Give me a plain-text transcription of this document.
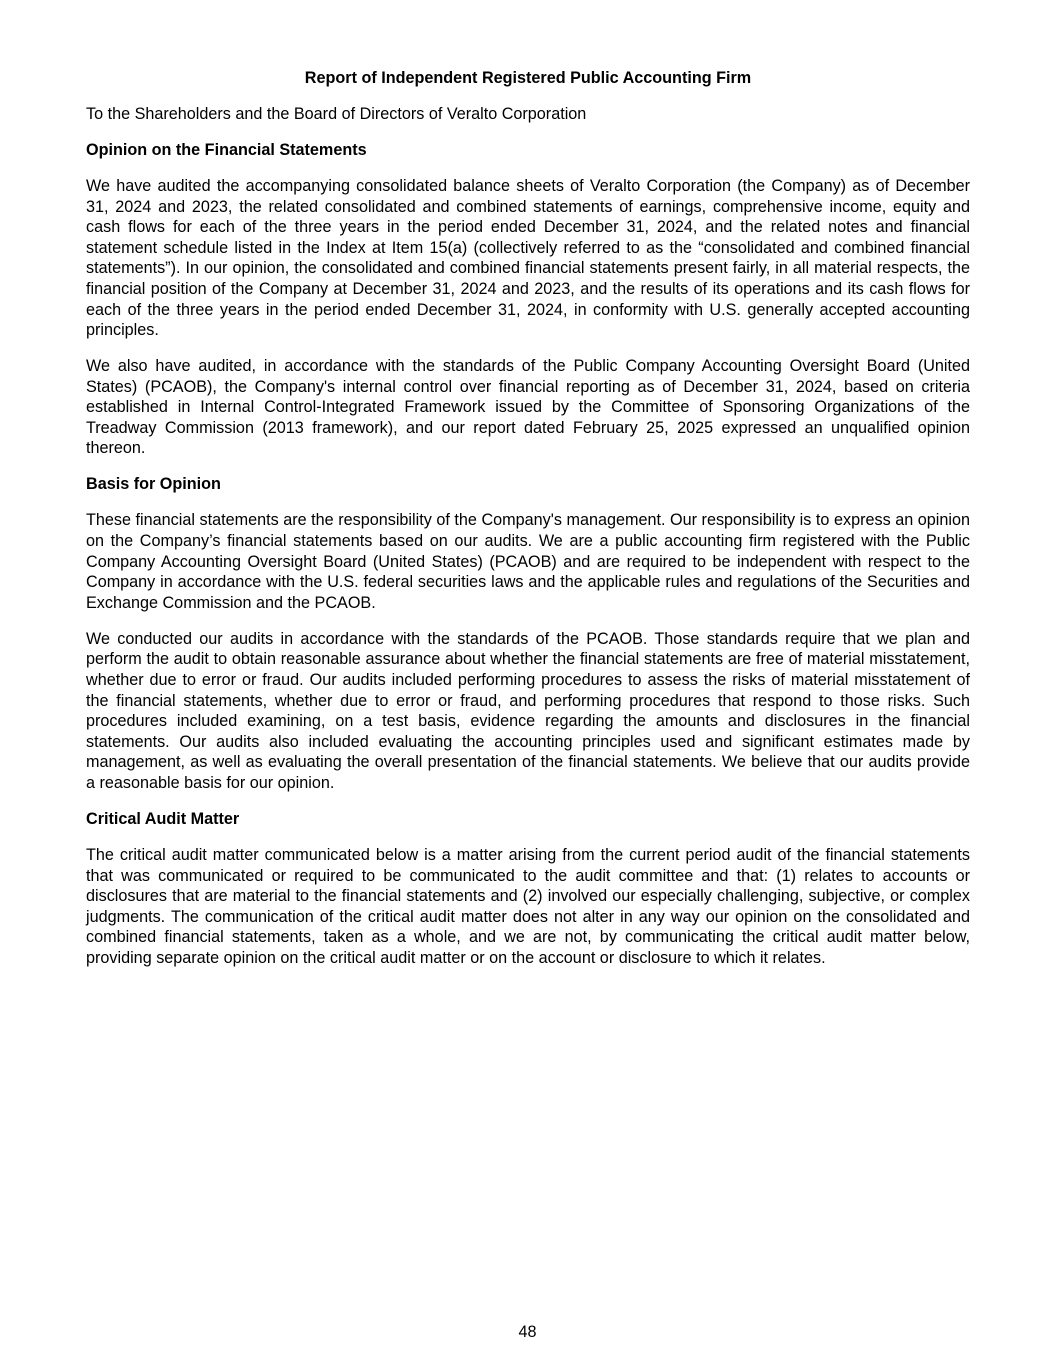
Report of Independent Registered Public Accounting Firm
To the Shareholders and the Board of Directors of Veralto Corporation
Opinion on the Financial Statements
We have audited the accompanying consolidated balance sheets of Veralto Corporation (the Company) as of December 31, 2024 and 2023, the related consolidated and combined statements of earnings, comprehensive income, equity and cash flows for each of the three years in the period ended December 31, 2024, and the related notes and financial statement schedule listed in the Index at Item 15(a) (collectively referred to as the “consolidated and combined financial statements”). In our opinion, the consolidated and combined financial statements present fairly, in all material respects, the financial position of the Company at December 31, 2024 and 2023, and the results of its operations and its cash flows for each of the three years in the period ended December 31, 2024, in conformity with U.S. generally accepted accounting principles.
We also have audited, in accordance with the standards of the Public Company Accounting Oversight Board (United States) (PCAOB), the Company's internal control over financial reporting as of December 31, 2024, based on criteria established in Internal Control-Integrated Framework issued by the Committee of Sponsoring Organizations of the Treadway Commission (2013 framework), and our report dated February 25, 2025 expressed an unqualified opinion thereon.
Basis for Opinion
These financial statements are the responsibility of the Company's management. Our responsibility is to express an opinion on the Company’s financial statements based on our audits. We are a public accounting firm registered with the Public Company Accounting Oversight Board (United States) (PCAOB) and are required to be independent with respect to the Company in accordance with the U.S. federal securities laws and the applicable rules and regulations of the Securities and Exchange Commission and the PCAOB.
We conducted our audits in accordance with the standards of the PCAOB. Those standards require that we plan and perform the audit to obtain reasonable assurance about whether the financial statements are free of material misstatement, whether due to error or fraud. Our audits included performing procedures to assess the risks of material misstatement of the financial statements, whether due to error or fraud, and performing procedures that respond to those risks. Such procedures included examining, on a test basis, evidence regarding the amounts and disclosures in the financial statements. Our audits also included evaluating the accounting principles used and significant estimates made by management, as well as evaluating the overall presentation of the financial statements. We believe that our audits provide a reasonable basis for our opinion.
Critical Audit Matter
The critical audit matter communicated below is a matter arising from the current period audit of the financial statements that was communicated or required to be communicated to the audit committee and that: (1) relates to accounts or disclosures that are material to the financial statements and (2) involved our especially challenging, subjective, or complex judgments. The communication of the critical audit matter does not alter in any way our opinion on the consolidated and combined financial statements, taken as a whole, and we are not, by communicating the critical audit matter below, providing separate opinion on the critical audit matter or on the account or disclosure to which it relates.
48
